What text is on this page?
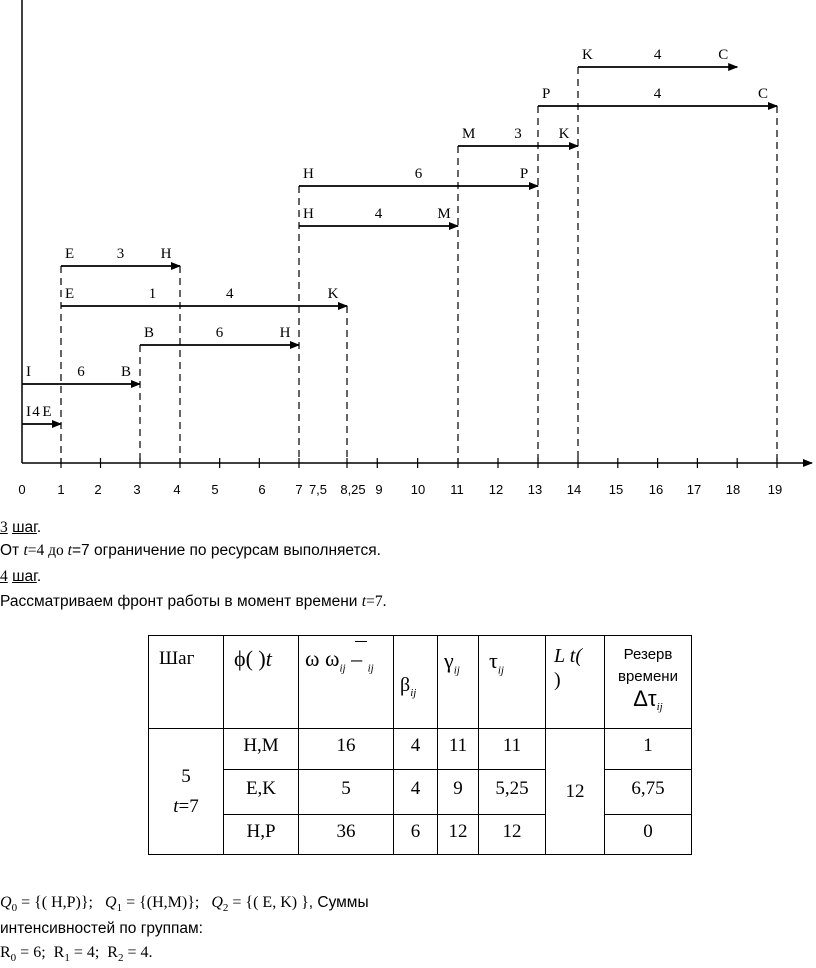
0 1 2 3	4 5	6 7 7,5 8,25 9 10 11 12 13 14 15 16 17 18 19
I E
4
I	B
6
B	H
6
E	K
1	4
E	H
3
H	M
4
H	P
6
M	K
3
P	C
4
K	C
4
3 шаг.
От t=4 до t=7 ограничение по ресурсам выполняется.
4 шаг.
Рассматриваем фронт работы в момент времени t=7.
Шаг	ϕ( )t	ω $\omega_{ij} - _{ij}$	$\beta_{ij}$	$\gamma_{ij}$	$\tau_{ij}$	L t(
)	Резерв
времени
$\Delta\tau_{ij}$
5
t=7	H,M	16	4	11	11	12	1
	E,K	5	4	9	5,25		6,75
	H,P	36	6	12	12		0
$Q_0$ = {( H,P)};   $Q_1 = \{(H,M)\}$;   $Q_2$ = {( E, K) }, Суммы
интенсивностей по группам:
$R_0 = 6$;  $R_1 = 4$;  $R_2 = 4$.
